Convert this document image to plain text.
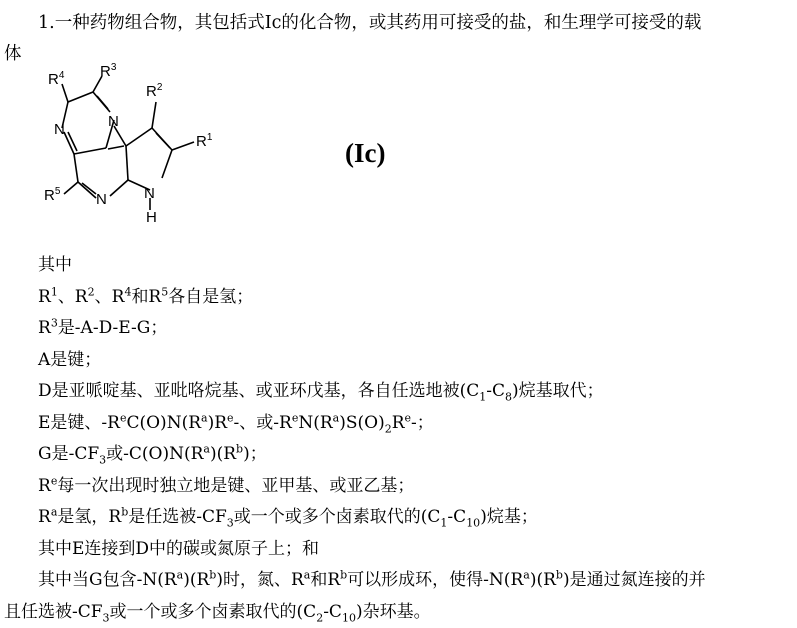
1.一种药物组合物，其包括式Ic的化合物，或其药用可接受的盐，和生理学可接受的载
体
$R^4$ $R^3$
$R^2$
$R^1$
$R^5$
N	N
N N
H
(Ic)
其中
$R^1$、$R^2$、$R^4$和$R^5$各自是氢；
$R^3$是-A-D-E-G；
A是键；
D是亚哌啶基、亚吡咯烷基、或亚环戊基，各自任选地被$(C_1-C_8)$烷基取代；
E是键、$-R^eC(O)N(R^a)R^e-$、或$-R^eN(R^a)S(O)_2R^e-$；
G是$-CF_3$或$-C(O)N(R^a)(R^b)$；
$R^e$每一次出现时独立地是键、亚甲基、或亚乙基；
$R^a$是氢，$R^b$是任选被$-CF_3$或一个或多个卤素取代的$(C_1-C_{10})$烷基；
其中E连接到D中的碳或氮原子上；和
其中当G包含$-N(R^a)(R^b)$时，氮、$R^a$和$R^b$可以形成环，使得$-N(R^a)(R^b)$是通过氮连接的并
且任选被$-CF_3$或一个或多个卤素取代的$(C_2-C_{10})$杂环基。
